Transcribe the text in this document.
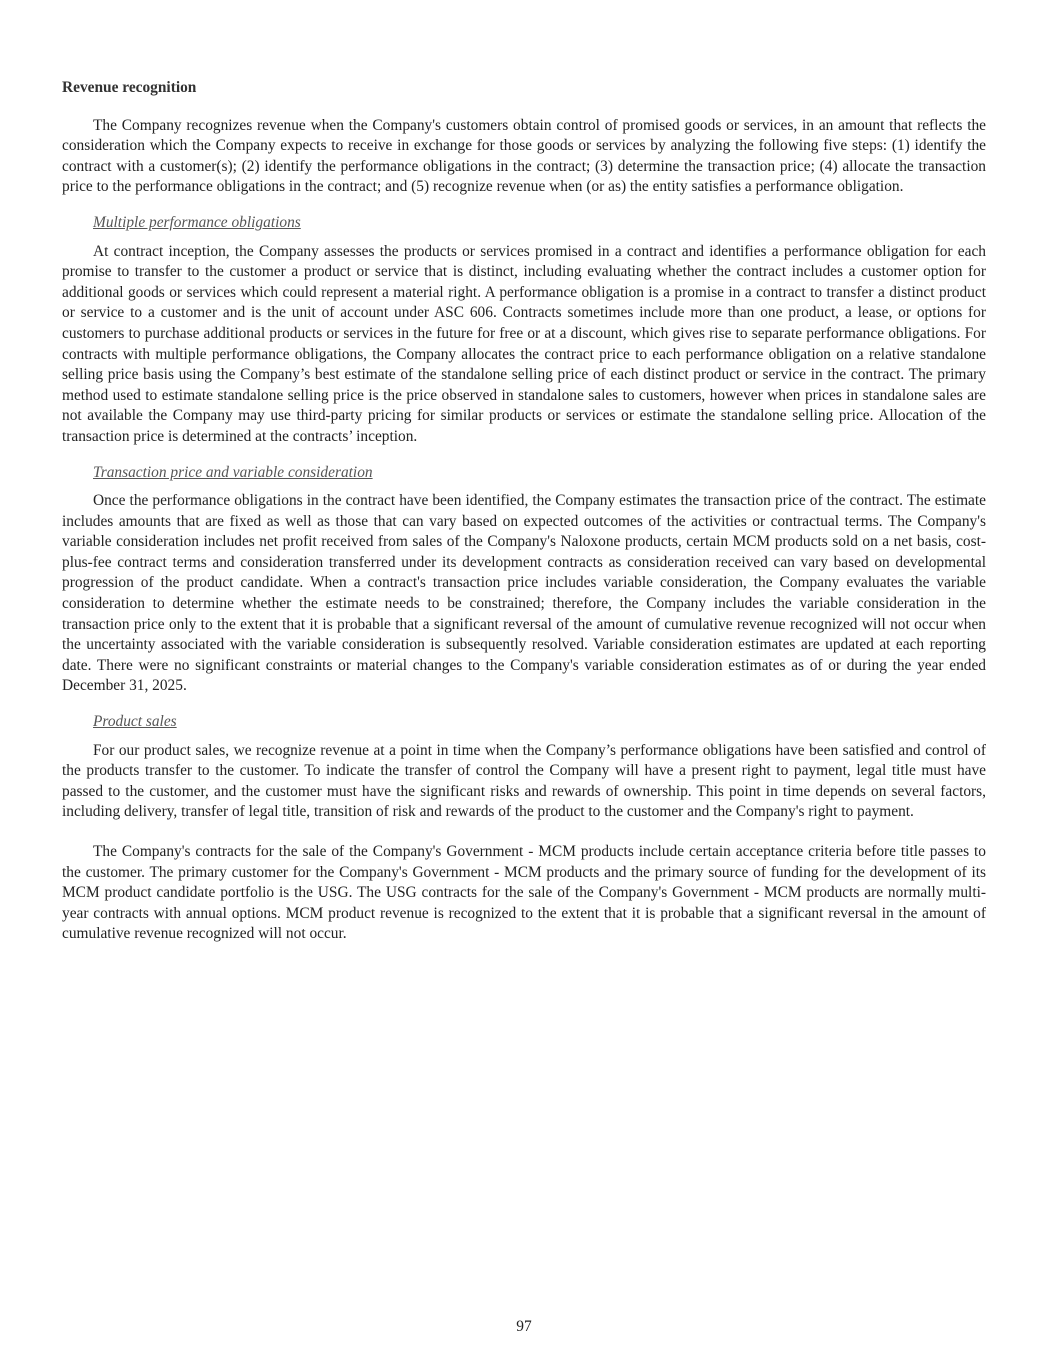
Revenue recognition

The Company recognizes revenue when the Company's customers obtain control of promised goods or services, in an amount that reflects the consideration which the Company expects to receive in exchange for those goods or services by analyzing the following five steps: (1) identify the contract with a customer(s); (2) identify the performance obligations in the contract; (3) determine the transaction price; (4) allocate the transaction price to the performance obligations in the contract; and (5) recognize revenue when (or as) the entity satisfies a performance obligation.

Multiple performance obligations

At contract inception, the Company assesses the products or services promised in a contract and identifies a performance obligation for each promise to transfer to the customer a product or service that is distinct, including evaluating whether the contract includes a customer option for additional goods or services which could represent a material right. A performance obligation is a promise in a contract to transfer a distinct product or service to a customer and is the unit of account under ASC 606. Contracts sometimes include more than one product, a lease, or options for customers to purchase additional products or services in the future for free or at a discount, which gives rise to separate performance obligations. For contracts with multiple performance obligations, the Company allocates the contract price to each performance obligation on a relative standalone selling price basis using the Company’s best estimate of the standalone selling price of each distinct product or service in the contract. The primary method used to estimate standalone selling price is the price observed in standalone sales to customers, however when prices in standalone sales are not available the Company may use third-party pricing for similar products or services or estimate the standalone selling price. Allocation of the transaction price is determined at the contracts’ inception.

Transaction price and variable consideration

Once the performance obligations in the contract have been identified, the Company estimates the transaction price of the contract. The estimate includes amounts that are fixed as well as those that can vary based on expected outcomes of the activities or contractual terms. The Company's variable consideration includes net profit received from sales of the Company's Naloxone products, certain MCM products sold on a net basis, cost-plus-fee contract terms and consideration transferred under its development contracts as consideration received can vary based on developmental progression of the product candidate. When a contract's transaction price includes variable consideration, the Company evaluates the variable consideration to determine whether the estimate needs to be constrained; therefore, the Company includes the variable consideration in the transaction price only to the extent that it is probable that a significant reversal of the amount of cumulative revenue recognized will not occur when the uncertainty associated with the variable consideration is subsequently resolved. Variable consideration estimates are updated at each reporting date. There were no significant constraints or material changes to the Company's variable consideration estimates as of or during the year ended December 31, 2025.

Product sales

For our product sales, we recognize revenue at a point in time when the Company’s performance obligations have been satisfied and control of the products transfer to the customer. To indicate the transfer of control the Company will have a present right to payment, legal title must have passed to the customer, and the customer must have the significant risks and rewards of ownership. This point in time depends on several factors, including delivery, transfer of legal title, transition of risk and rewards of the product to the customer and the Company's right to payment.

The Company's contracts for the sale of the Company's Government - MCM products include certain acceptance criteria before title passes to the customer. The primary customer for the Company's Government - MCM products and the primary source of funding for the development of its MCM product candidate portfolio is the USG. The USG contracts for the sale of the Company's Government - MCM products are normally multi-year contracts with annual options. MCM product revenue is recognized to the extent that it is probable that a significant reversal in the amount of cumulative revenue recognized will not occur.

97
